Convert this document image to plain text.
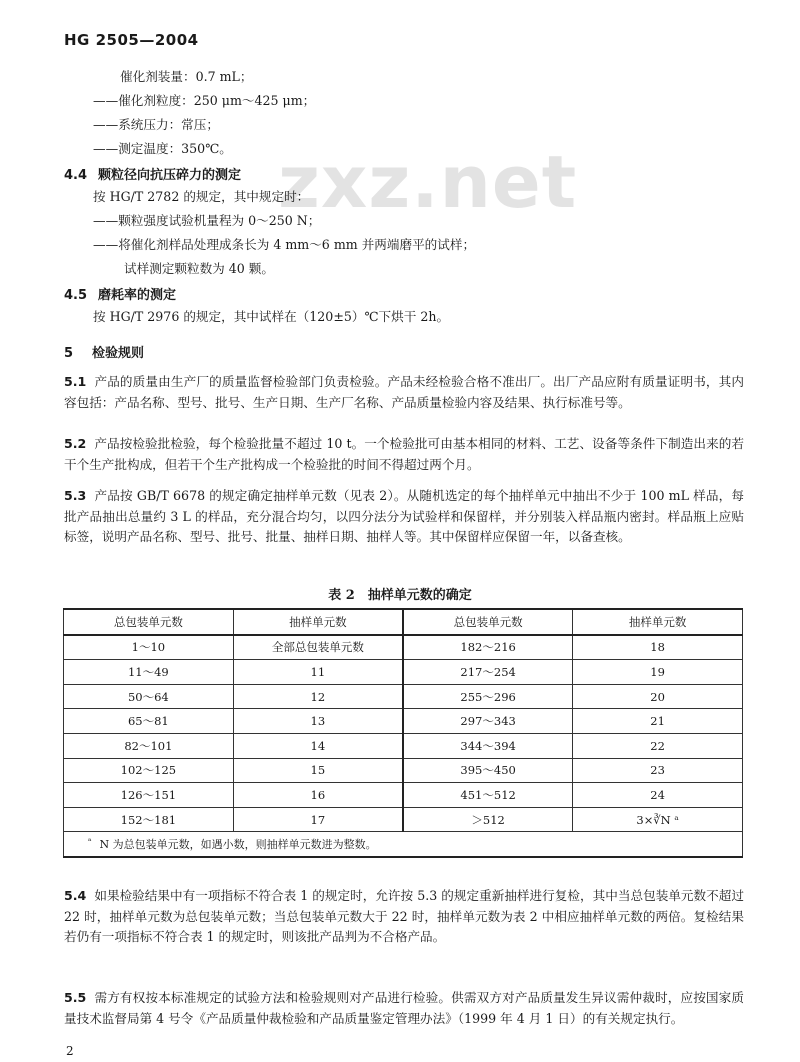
HG 2505—2004
zxz.net
催化剂装量：0.7 mL；
——催化剂粒度：250 μm～425 μm；
——系统压力：常压；
——测定温度：350℃。
4.4 颗粒径向抗压碎力的测定
按 HG/T 2782 的规定，其中规定时：
——颗粒强度试验机量程为 0～250 N；
——将催化剂样品处理成条长为 4 mm～6 mm 并两端磨平的试样；
试样测定颗粒数为 40 颗。
4.5 磨耗率的测定
按 HG/T 2976 的规定，其中试样在（120±5）℃下烘干 2h。
5 检验规则
5.1 产品的质量由生产厂的质量监督检验部门负责检验。产品未经检验合格不准出厂。出厂产品应附有质量证明书，其内容包括：产品名称、型号、批号、生产日期、生产厂名称、产品质量检验内容及结果、执行标准号等。
5.2 产品按检验批检验，每个检验批量不超过 10 t。一个检验批可由基本相同的材料、工艺、设备等条件下制造出来的若干个生产批构成，但若干个生产批构成一个检验批的时间不得超过两个月。
5.3 产品按 GB/T 6678 的规定确定抽样单元数（见表 2）。从随机选定的每个抽样单元中抽出不少于 100 mL 样品，每批产品抽出总量约 3 L 的样品，充分混合均匀，以四分法分为试验样和保留样，并分别装入样品瓶内密封。样品瓶上应贴标签，说明产品名称、型号、批号、批量、抽样日期、抽样人等。其中保留样应保留一年，以备查核。
表 2　抽样单元数的确定
总包装单元数	抽样单元数	总包装单元数	抽样单元数
1～10	全部总包装单元数	182～216	18
11～49	11	217～254	19
50～64	12	255～296	20
65～81	13	297～343	21
82～101	14	344～394	22
102～125	15	395～450	23
126～151	16	451～512	24
152～181	17	＞512	3×∛N ᵃ
$^ᵃ$ N 为总包装单元数，如遇小数，则抽样单元数进为整数。			
5.4 如果检验结果中有一项指标不符合表 1 的规定时，允许按 5.3 的规定重新抽样进行复检，其中当总包装单元数不超过 22 时，抽样单元数为总包装单元数；当总包装单元数大于 22 时，抽样单元数为表 2 中相应抽样单元数的两倍。复检结果若仍有一项指标不符合表 1 的规定时，则该批产品判为不合格产品。
5.5 需方有权按本标准规定的试验方法和检验规则对产品进行检验。供需双方对产品质量发生异议需仲裁时，应按国家质量技术监督局第 4 号令《产品质量仲裁检验和产品质量鉴定管理办法》（1999 年 4 月 1 日）的有关规定执行。
2
